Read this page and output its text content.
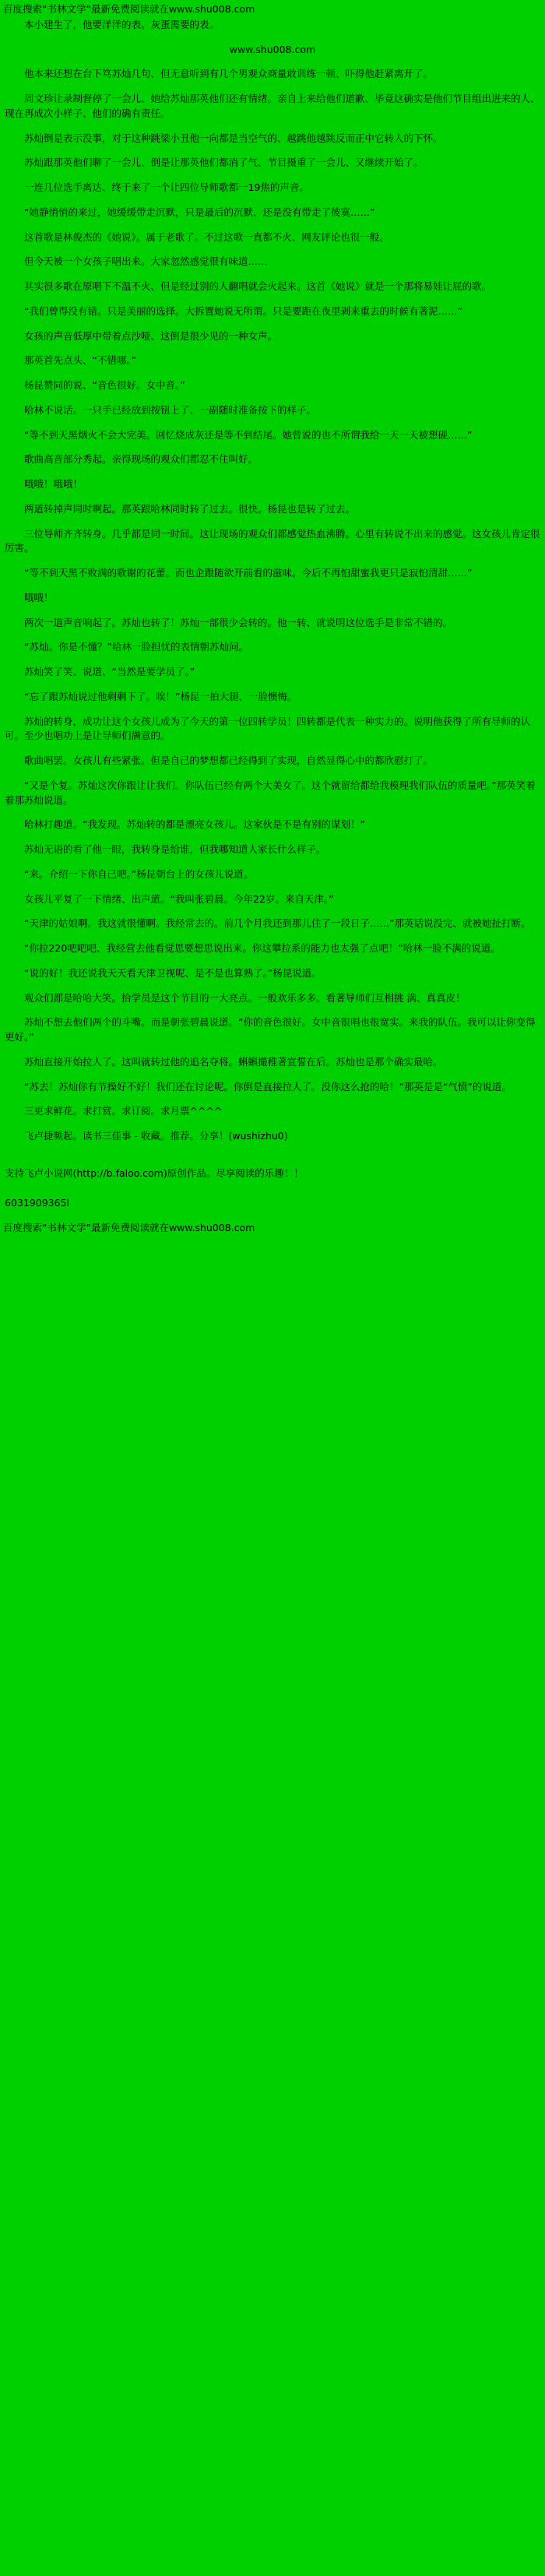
百度搜索“书林文学”最新免费阅读就在www.shu008.com

本小建生了，他要洋洋的表。灰蛋需要的表。

www.shu008.com

他本来还想在台下笃苏灿几句、但无意听到有几个男观众商量敢训练一顿、吓得他赶紧离开了。

周文珍让录制督停了一会儿、她给苏灿那英他们还有情绪。亲自上来给他们道歉、毕竟这确实是他们节目组出进来的人、现在再成次小样子、他们的确有责任。

苏灿倒是表示没事，对于这种跳梁小丑他一向都是当空气的、越跳他越跳反而正中它转人的下怀。

苏灿跟那英他们聊了一会儿、倒是让那英他们都消了气、节目摄重了一会儿、又继续开始了。

一连几位选手离达、终于来了一个让四位导师歌都一19焦的声音。

“她静悄悄的来过，她缓缓带走沉默，只是最后的沉默、还是没有带走了彼寞……”

这首歌是林俊杰的《她说》。属于老歌了。不过这歌一直都不火、网友评论也很一般。

但今天被一个女孩子唱出来。大家忽然感觉很有味道……

其实很多歌在原唱下不温不火、但是经过别的人翻唱就会火起来。这首《她说》就是一个那将易娃让屁的歌。

“我们曾得没有错。只是美丽的选择。大拆置她说无所谓。只是要距在夜里剥来重去的时候有著泥……”

女孩的声音低厚中带着点沙哑、这倒是很少见的一种女声。

那英首先点头、“不错哪。”

杨昆赞同的说、“音色很好。女中音。”

哈林不说话。一只手已经放到按钮上了、一副随时准备按下的样子。

“等不到天黑烟火不会大完美。回忆烧成灰还是等不到结尾。她曾说的也不所谓我给一天一天被想砚……”

歌曲高音部分秀起。亲得现场的观众们都忍不住叫好。

哦哦！哦哦！

两道转掉声同时啊起。那英跟哈林同时转了过去。很快。杨昆也是转了过去。

三位导师齐齐转身。几乎都是同一时间。这让现场的观众们都感觉热血沸腾。心里有转说不出来的感觉。这女孩儿肯定很厉害。

“等不到天黑不败满的歌谢的花蕾。而也企跟随欲开前看的滋味。今后不再怕甜蜜我更只是寂怕清甜……”

哦哦！

两次一道声音响起了。苏灿也转了！苏灿一部很少会转的。他一转、就说明这位选手是非常不错的。

“苏灿。你是不懂？”哈林一脸担忧的表情朝苏灿问。

苏灿笑了笑、说道、“当然是要学员了。”

“忘了跟苏灿说过他剩剩下了。唉！”杨昆一拍大腿、一脸懊悔。

苏灿的转身，成功让这个女孩儿成为了今天的第一位四转学员！四转都是代表一种实力的。说明他获得了所有导师的认可。至少也唱功上是让导师们满意的。

歌曲唱罢。女孩儿有些紧张。但是自己的梦想都已经得到了实现，自然显得心中的都欣慰打了。

“又是个复。苏灿这次你跟让让我们。你队伍已经有两个大美女了。这个就留给都给我模理我们队伍的质量吧。”那英笑着着那苏灿说道。

哈林打趣道。“我发现。苏灿转的都是漂亮女孩儿。这家伙是不是有别的谋划！”

苏灿无语的看了他一眼，我转身是给谁，但我哪知道人家长什么样子。

“来。介绍一下你自己吧。”杨昆朝台上的女孩儿说道。

女孩儿平复了一下情绪、出声道。“我叫张碧晨。今年22岁。来自天津。”

“天津的姑娘啊。我这就很懂啊。我经常去的。前几个月我还到那儿住了一段日子……”那英话说没完、就被她扯打断。

“你拉220吧吧吧、我经营去他看觉思要想思说出来。你这攀拉系的能力也太强了点吧！”哈林一脸不满的说道。

“说的好！我还说我天天看天津卫视呢、是不是也算熟了。”杨昆说道。

观众们都是哈哈大笑。拾学员是这个节目的一大亮点。一般欢乐多多。看著导师们互相挑 满、真真皮！

苏灿不想去他们两个的斗嘴。而是朝张碧晨说道。“你的音色很好。女中音很唱也很宽实。来我的队伍。我可以让你变得更好。”

苏灿直接开始拉人了。这叫就转过他的追名夺将。蝌蝌撮稚著宣誓在后。苏灿也是那个确实最哈。

“苏去！苏灿你有节操好不好！我们还在讨论呢。你倒是直接拉人了。没你这么抢的哈！”那英是是“气愤”的说道。

三更求鲜花。求打赏。求订阅。求月票^^^^

飞卢捷频起。读书三佳事 - 收藏。推荐。分享！(wushizhu0)

支持飞卢小说网(http://b.faloo.com)原创作品。尽享阅读的乐趣！！

6031909365l

百度搜索“书林文学”最新免费阅读就在www.shu008.com
